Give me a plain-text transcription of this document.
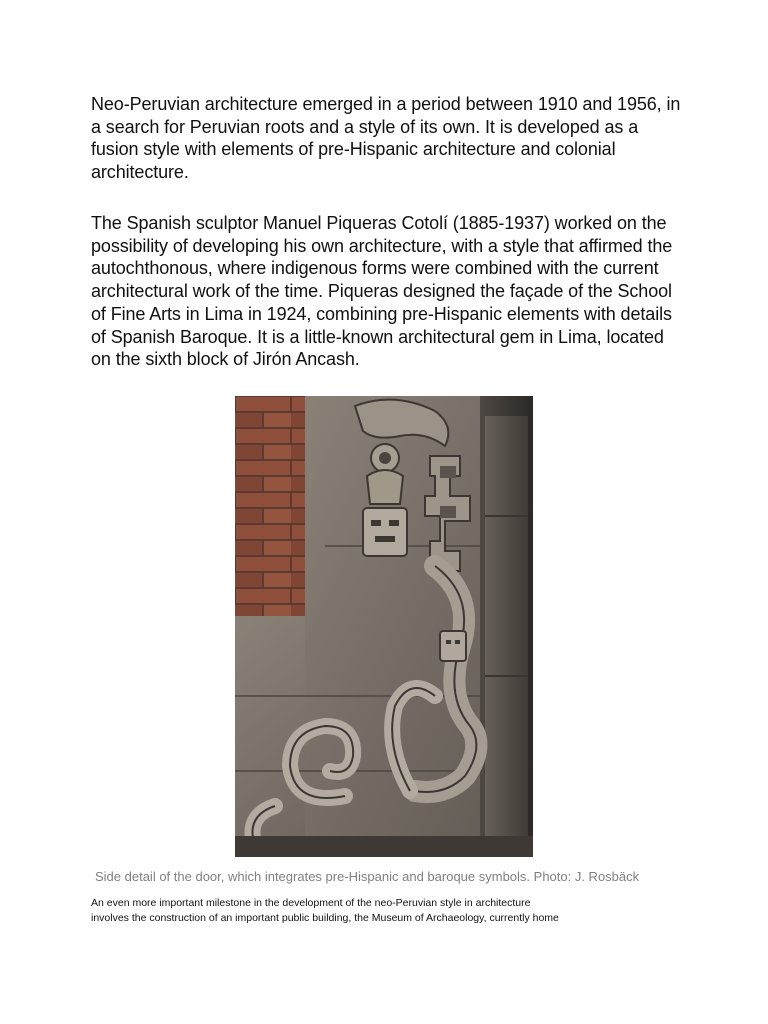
Neo-Peruvian architecture emerged in a period between 1910 and 1956, in a search for Peruvian roots and a style of its own. It is developed as a fusion style with elements of pre-Hispanic architecture and colonial architecture.

The Spanish sculptor Manuel Piqueras Cotolí (1885-1937) worked on the possibility of developing his own architecture, with a style that affirmed the autochthonous, where indigenous forms were combined with the current architectural work of the time. Piqueras designed the façade of the School of Fine Arts in Lima in 1924, combining pre-Hispanic elements with details of Spanish Baroque. It is a little-known architectural gem in Lima, located on the sixth block of Jirón Ancash.

Side detail of the door, which integrates pre-Hispanic and baroque symbols. Photo: J. Rosbäck

An even more important milestone in the development of the neo-Peruvian style in architecture
involves the construction of an important public building, the Museum of Archaeology, currently home
